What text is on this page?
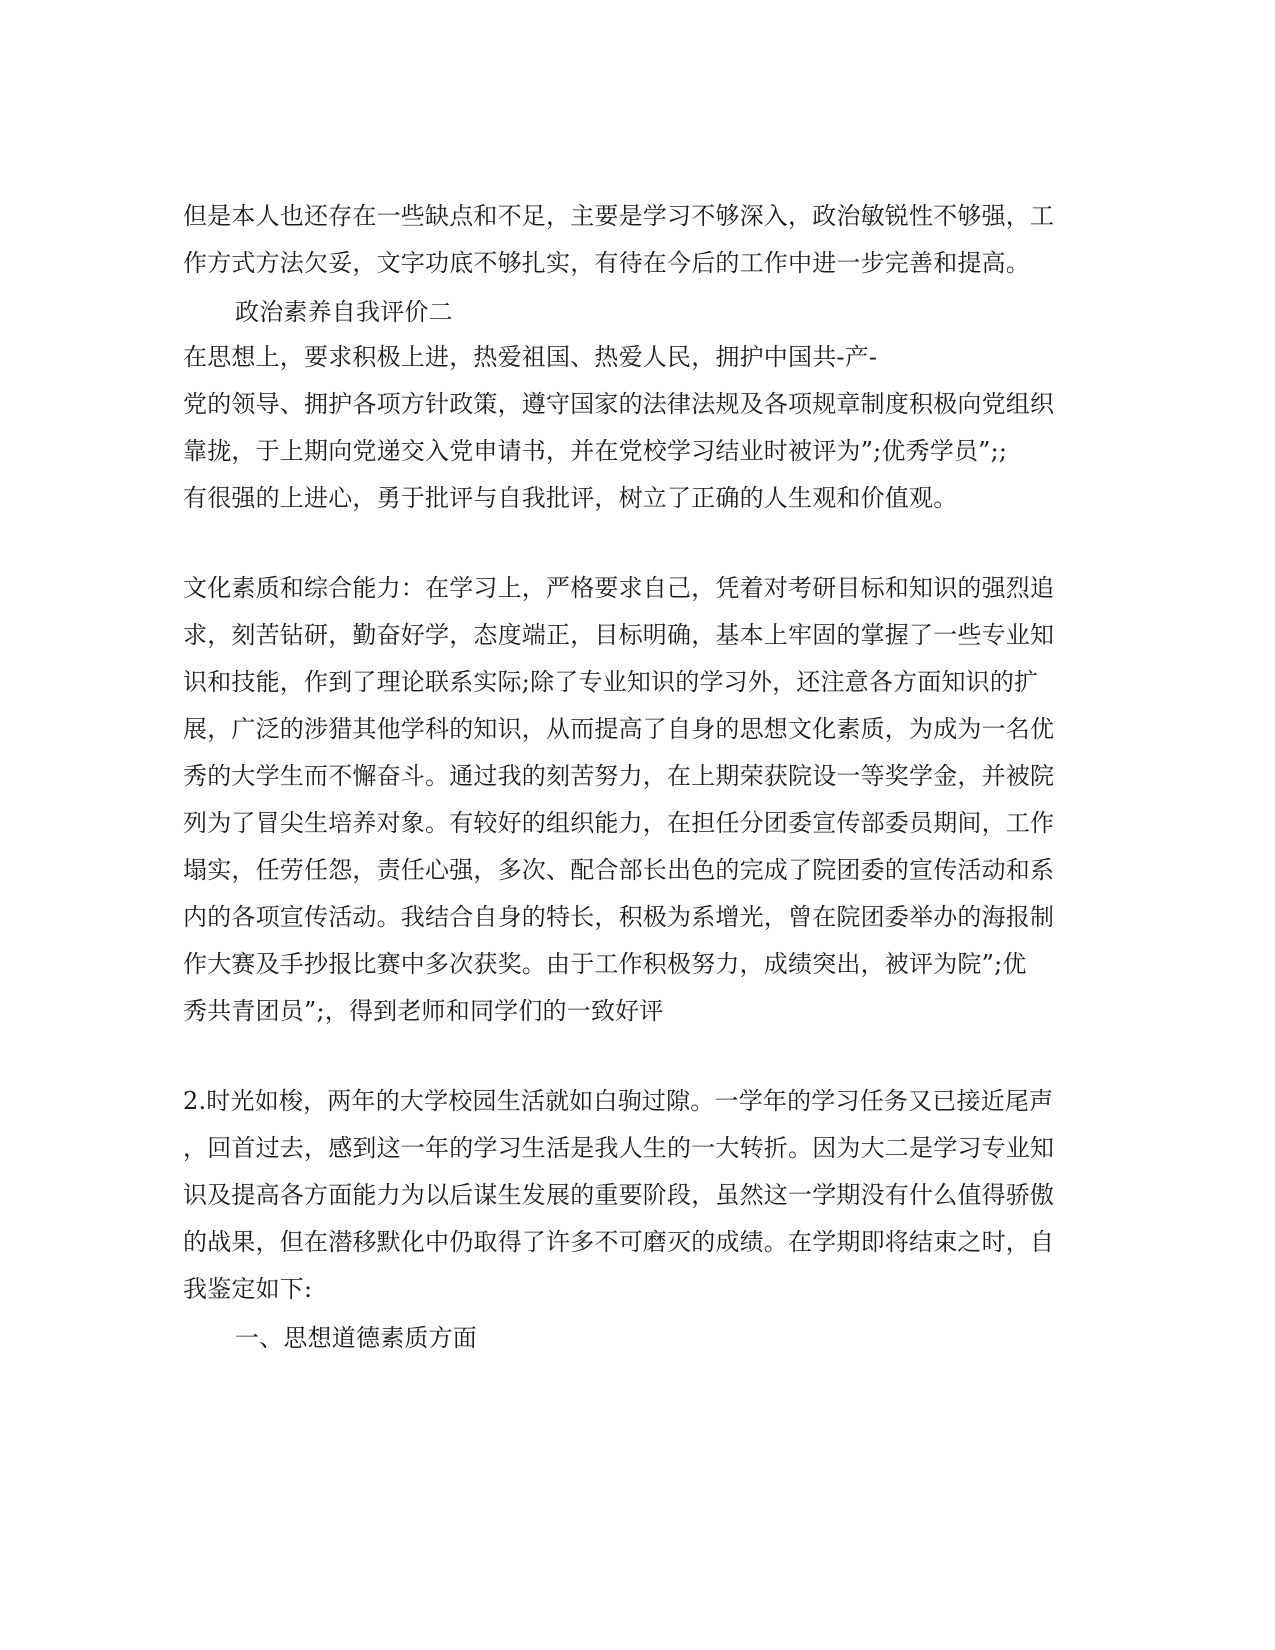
但是本人也还存在一些缺点和不足，主要是学习不够深入，政治敏锐性不够强，工
作方式方法欠妥，文字功底不够扎实，有待在今后的工作中进一步完善和提高。
政治素养自我评价二
在思想上，要求积极上进，热爱祖国、热爱人民，拥护中国共-产-
党的领导、拥护各项方针政策，遵守国家的法律法规及各项规章制度积极向党组织
靠拢，于上期向党递交入党申请书，并在党校学习结业时被评为”;优秀学员”;;
有很强的上进心，勇于批评与自我批评，树立了正确的人生观和价值观。
文化素质和综合能力：在学习上，严格要求自己，凭着对考研目标和知识的强烈追
求，刻苦钻研，勤奋好学，态度端正，目标明确，基本上牢固的掌握了一些专业知
识和技能，作到了理论联系实际;除了专业知识的学习外，还注意各方面知识的扩
展，广泛的涉猎其他学科的知识，从而提高了自身的思想文化素质，为成为一名优
秀的大学生而不懈奋斗。通过我的刻苦努力，在上期荣获院设一等奖学金，并被院
列为了冒尖生培养对象。有较好的组织能力，在担任分团委宣传部委员期间，工作
塌实，任劳任怨，责任心强，多次、配合部长出色的完成了院团委的宣传活动和系
内的各项宣传活动。我结合自身的特长，积极为系增光，曾在院团委举办的海报制
作大赛及手抄报比赛中多次获奖。由于工作积极努力，成绩突出，被评为院”;优
秀共青团员”;，得到老师和同学们的一致好评
2.时光如梭，两年的大学校园生活就如白驹过隙。一学年的学习任务又已接近尾声
，回首过去，感到这一年的学习生活是我人生的一大转折。因为大二是学习专业知
识及提高各方面能力为以后谋生发展的重要阶段，虽然这一学期没有什么值得骄傲
的战果，但在潜移默化中仍取得了许多不可磨灭的成绩。在学期即将结束之时，自
我鉴定如下:
一、思想道德素质方面
